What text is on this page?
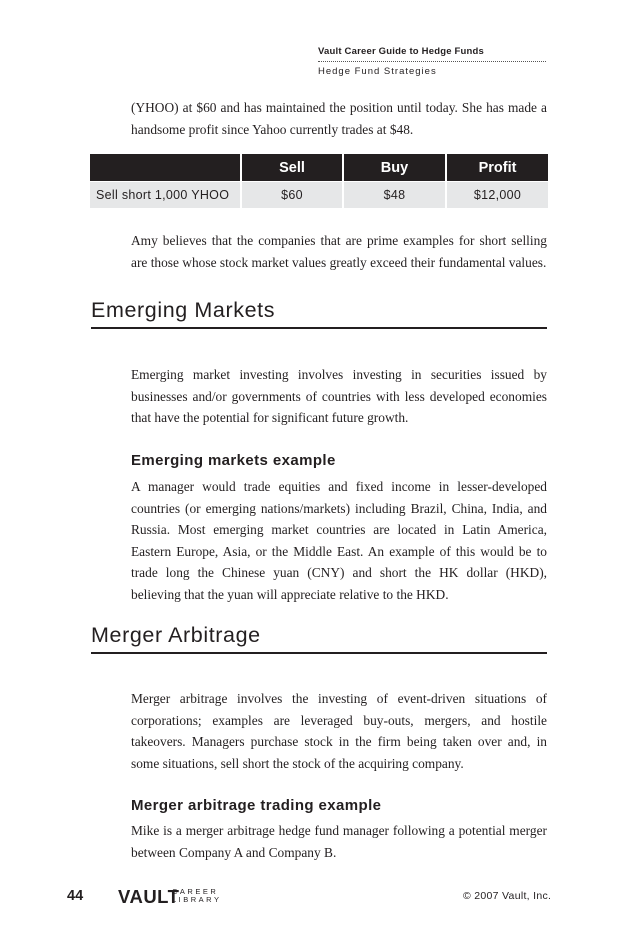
Vault Career Guide to Hedge Funds
Hedge Fund Strategies

(YHOO) at $60 and has maintained the position until today. She has made a handsome profit since Yahoo currently trades at $48.

	Sell	Buy	Profit
Sell short 1,000 YHOO	$60	$48	$12,000

Amy believes that the companies that are prime examples for short selling are those whose stock market values greatly exceed their fundamental values.

Emerging Markets

Emerging market investing involves investing in securities issued by businesses and/or governments of countries with less developed economies that have the potential for significant future growth.

Emerging markets example

A manager would trade equities and fixed income in lesser-developed countries (or emerging nations/markets) including Brazil, China, India, and Russia. Most emerging market countries are located in Latin America, Eastern Europe, Asia, or the Middle East. An example of this would be to trade long the Chinese yuan (CNY) and short the HK dollar (HKD), believing that the yuan will appreciate relative to the HKD.

Merger Arbitrage

Merger arbitrage involves the investing of event-driven situations of corporations; examples are leveraged buy-outs, mergers, and hostile takeovers. Managers purchase stock in the firm being taken over and, in some situations, sell short the stock of the acquiring company.

Merger arbitrage trading example

Mike is a merger arbitrage hedge fund manager following a potential merger between Company A and Company B.

44 VAULT
CAREER
LIBRARY	© 2007 Vault, Inc.
